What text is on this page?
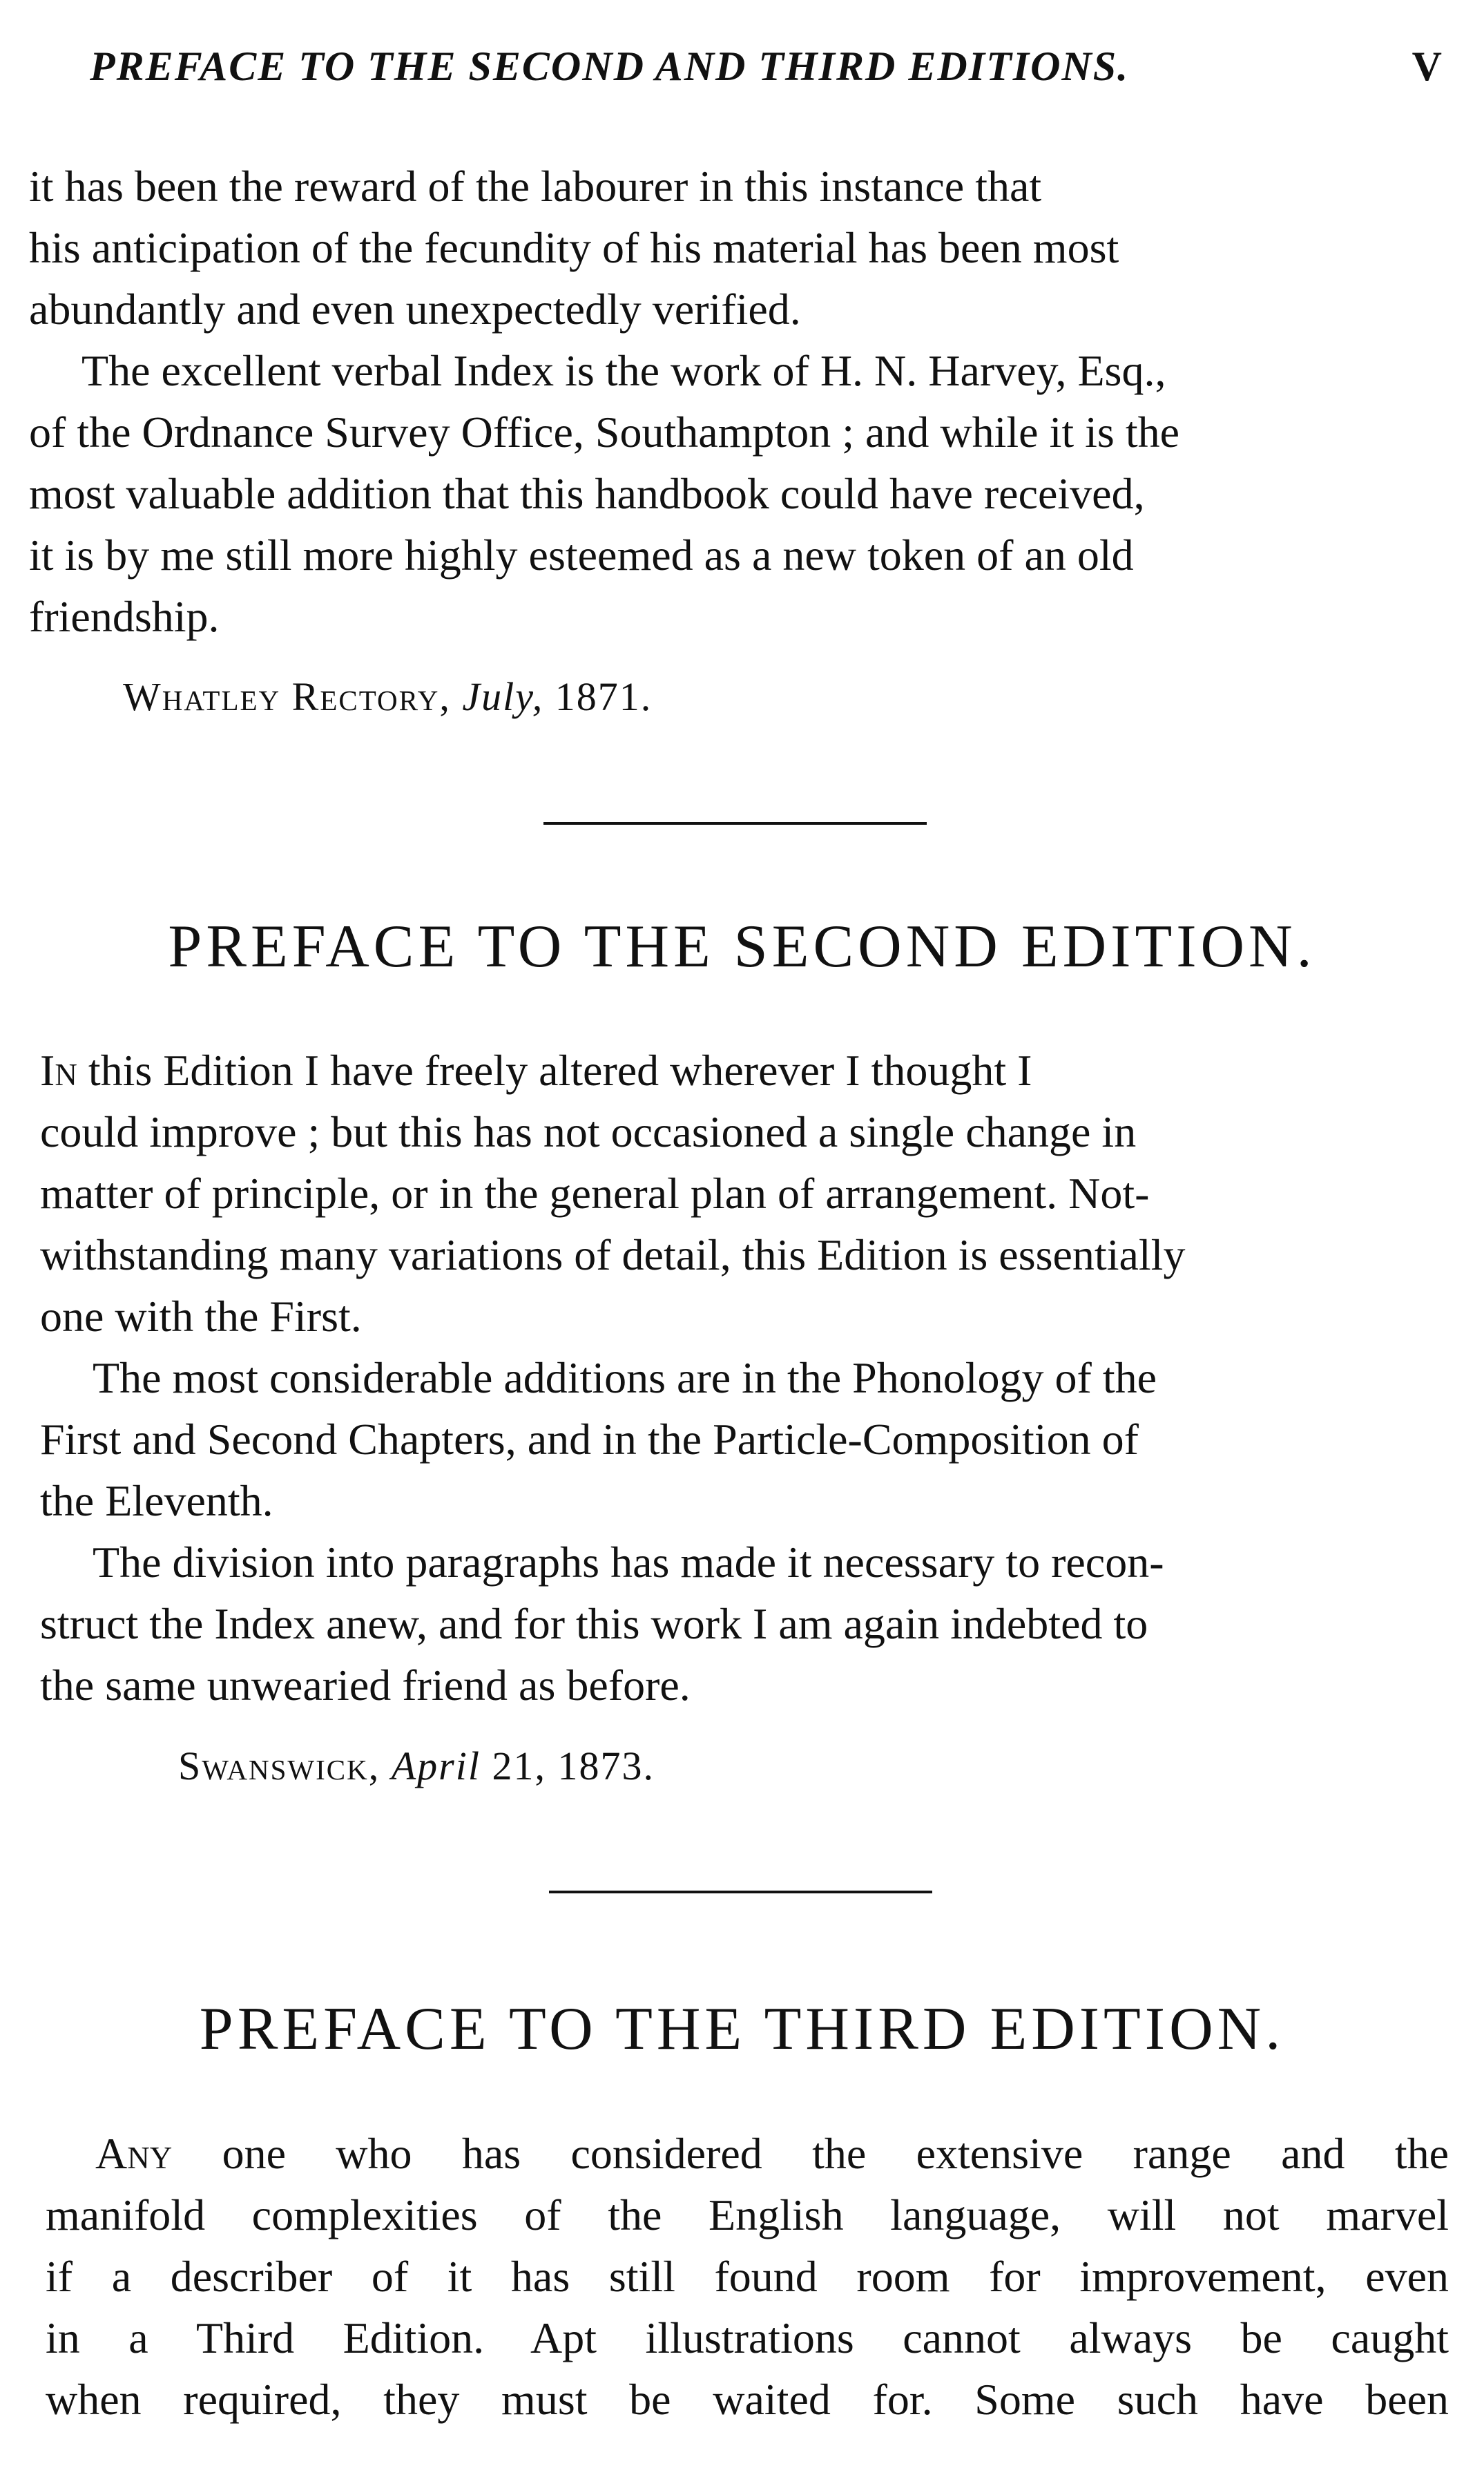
PREFACE TO THE SECOND AND THIRD EDITIONS.	V
it has been the reward of the labourer in this instance that
his anticipation of the fecundity of his material has been most
abundantly and even unexpectedly verified.
The excellent verbal Index is the work of H. N. Harvey, Esq.,
of the Ordnance Survey Office, Southampton ; and while it is the
most valuable addition that this handbook could have received,
it is by me still more highly esteemed as a new token of an old
friendship.
Whatley Rectory, July, 1871.
PREFACE TO THE SECOND EDITION.
In this Edition I have freely altered wherever I thought I
could improve ; but this has not occasioned a single change in
matter of principle, or in the general plan of arrangement. Not-
withstanding many variations of detail, this Edition is essentially
one with the First.
The most considerable additions are in the Phonology of the
First and Second Chapters, and in the Particle-Composition of
the Eleventh.
The division into paragraphs has made it necessary to recon-
struct the Index anew, and for this work I am again indebted to
the same unwearied friend as before.
Swanswick, April 21, 1873.
PREFACE TO THE THIRD EDITION.
Any one who has considered the extensive range and the
manifold complexities of the English language, will not marvel
if a describer of it has still found room for improvement, even
in a Third Edition. Apt illustrations cannot always be caught
when required, they must be waited for. Some such have been
